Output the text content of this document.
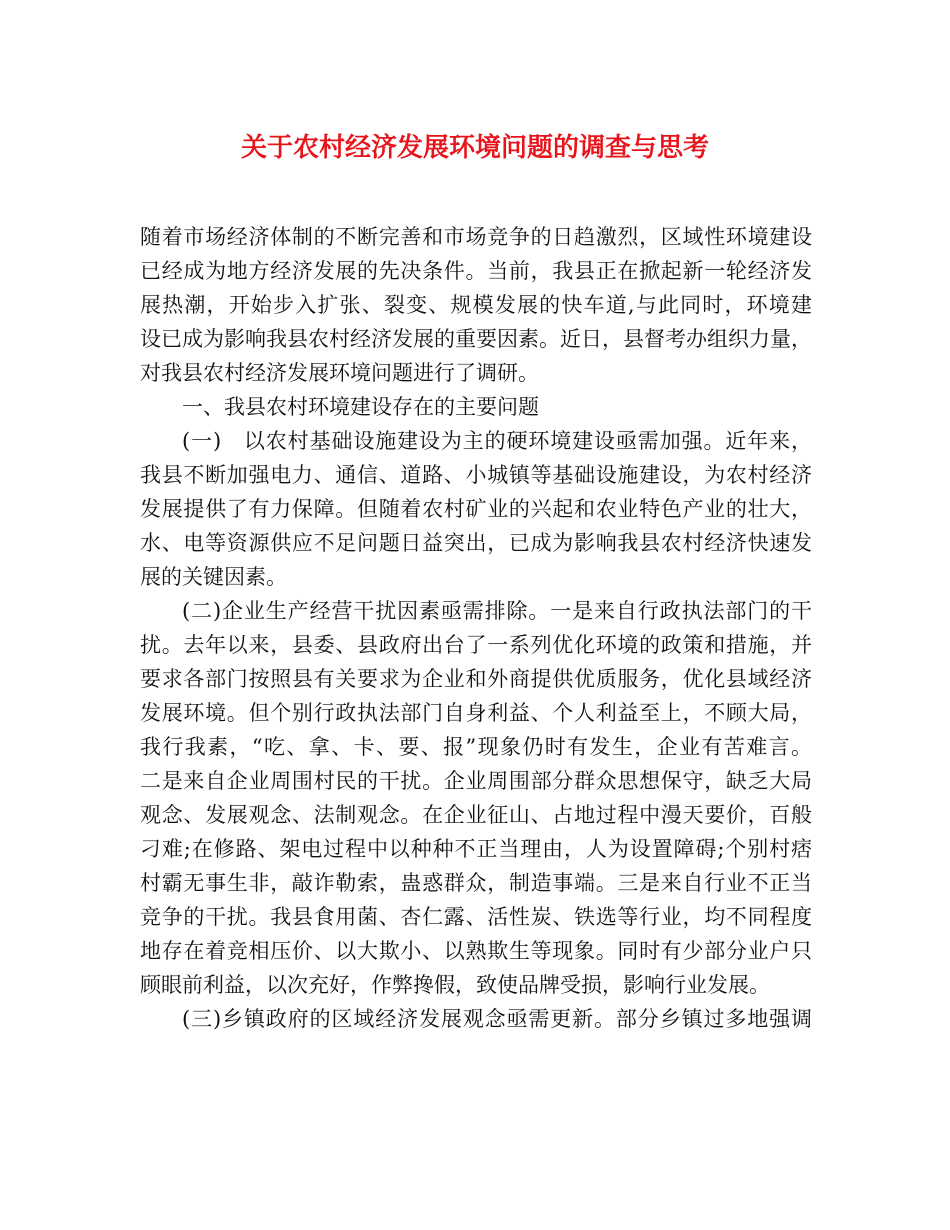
关于农村经济发展环境问题的调查与思考
随着市场经济体制的不断完善和市场竞争的日趋激烈，区域性环境建设
已经成为地方经济发展的先决条件。当前，我县正在掀起新一轮经济发
展热潮，开始步入扩张、裂变、规模发展的快车道,与此同时，环境建
设已成为影响我县农村经济发展的重要因素。近日，县督考办组织力量，
对我县农村经济发展环境问题进行了调研。
一、我县农村环境建设存在的主要问题
(一)　以农村基础设施建设为主的硬环境建设亟需加强。近年来，
我县不断加强电力、通信、道路、小城镇等基础设施建设，为农村经济
发展提供了有力保障。但随着农村矿业的兴起和农业特色产业的壮大，
水、电等资源供应不足问题日益突出，已成为影响我县农村经济快速发
展的关键因素。
(二)企业生产经营干扰因素亟需排除。一是来自行政执法部门的干
扰。去年以来，县委、县政府出台了一系列优化环境的政策和措施，并
要求各部门按照县有关要求为企业和外商提供优质服务，优化县域经济
发展环境。但个别行政执法部门自身利益、个人利益至上，不顾大局，
我行我素，“吃、拿、卡、要、报”现象仍时有发生，企业有苦难言。
二是来自企业周围村民的干扰。企业周围部分群众思想保守，缺乏大局
观念、发展观念、法制观念。在企业征山、占地过程中漫天要价，百般
刁难;在修路、架电过程中以种种不正当理由，人为设置障碍;个别村痞
村霸无事生非，敲诈勒索，蛊惑群众，制造事端。三是来自行业不正当
竞争的干扰。我县食用菌、杏仁露、活性炭、铁选等行业，均不同程度
地存在着竞相压价、以大欺小、以熟欺生等现象。同时有少部分业户只
顾眼前利益，以次充好，作弊搀假，致使品牌受损，影响行业发展。
(三)乡镇政府的区域经济发展观念亟需更新。部分乡镇过多地强调
